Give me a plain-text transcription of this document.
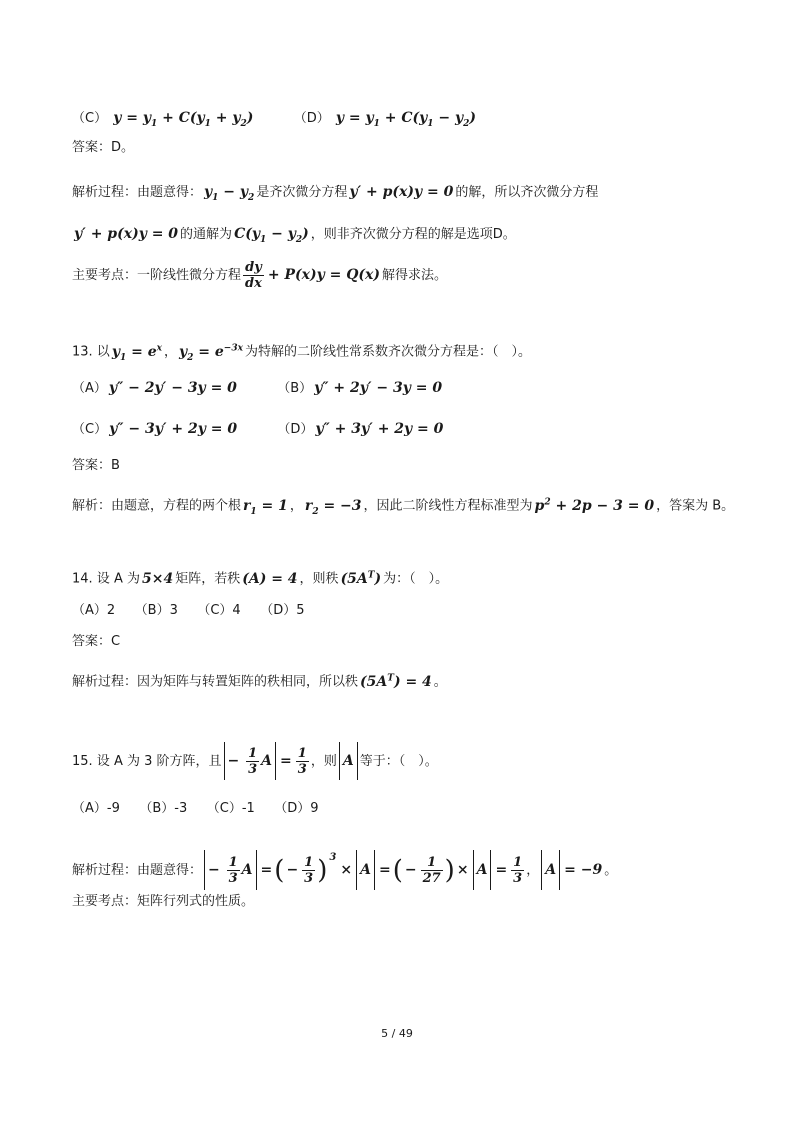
（C） $y = y_1 + C(y_1 + y_2)$	（D） $y = y_1 + C(y_1 - y_2)$
答案：D。
解析过程：由题意得： $y_1 - y_2$ 是齐次微分方程 y′ + p(x)y = 0 的解，所以齐次微分方程
y′ + p(x)y = 0 的通解为 $C(y_1 - y_2)$ ，则非齐次微分方程的解是选项D。
主要考点：一阶线性微分方程 $\frac{dy}{dx} + P(x)y = Q(x)$ 解得求法。
13. 以 $y_1 = e^x$ ， $y_2 = e^{-3x}$ 为特解的二阶线性常系数齐次微分方程是：（　）。
（A） y″ − 2y′ − 3y = 0	（B） y″ + 2y′ − 3y = 0
（C） y″ − 3y′ + 2y = 0	（D） y″ + 3y′ + 2y = 0
答案：B
解析：由题意，方程的两个根 $r_1 = 1$ ， $r_2 = -3$ ，因此二阶线性方程标准型为 $p^2 + 2p - 3 = 0$ ，答案为 B。
14. 设 A 为 5×4 矩阵，若秩 (A) = 4 ，则秩 $(5A^T)$ 为：（　）。
（A）2　　（B）3　　（C）4　　（D）5
答案：C
解析过程：因为矩阵与转置矩阵的秩相同，所以秩 $(5A^T) = 4$ 。
15. 设 A 为 3 阶方阵，且 − $\frac{1}{3}$ $A = \frac{1}{3}$ ，则 A 等于：（　）。
（A）-9　　（B）-3　　（C）-1　　（D）9
解析过程：由题意得： − $\frac{1}{3}$ A =( − $\frac{1}{3}$ ) $^3$× A =( − $\frac{1}{27}$ ) × $A = \frac{1}{3}$ ， A = −9 。
主要考点：矩阵行列式的性质。
5 / 49
